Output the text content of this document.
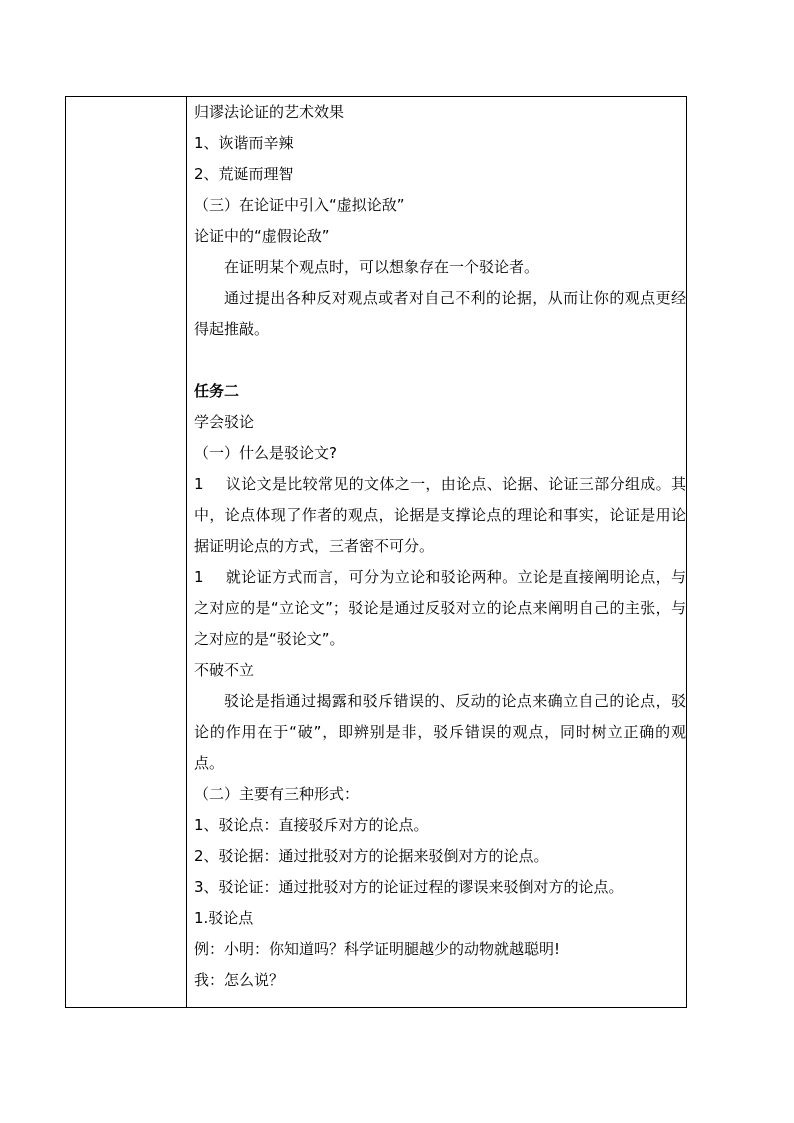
归谬法论证的艺术效果
1、诙谐而辛辣
2、荒诞而理智
（三）在论证中引入“虚拟论敌”
论证中的“虚假论敌”

在证明某个观点时，可以想象存在一个驳论者。

通过提出各种反对观点或者对自己不利的论据，从而让你的观点更经得起推敲。

任务二
学会驳论
（一）什么是驳论文?

1 议论文是比较常见的文体之一，由论点、论据、论证三部分组成。其中，论点体现了作者的观点，论据是支撑论点的理论和事实，论证是用论据证明论点的方式，三者密不可分。

1 就论证方式而言，可分为立论和驳论两种。立论是直接阐明论点，与之对应的是“立论文”；驳论是通过反驳对立的论点来阐明自己的主张，与之对应的是“驳论文”。

不破不立

驳论是指通过揭露和驳斥错误的、反动的论点来确立自己的论点，驳论的作用在于“破”，即辨别是非，驳斥错误的观点，同时树立正确的观点。

（二）主要有三种形式：
1、驳论点：直接驳斥对方的论点。
2、驳论据：通过批驳对方的论据来驳倒对方的论点。
3、驳论证：通过批驳对方的论证过程的谬误来驳倒对方的论点。
1.驳论点
例：小明：你知道吗？科学证明腿越少的动物就越聪明!
我：怎么说？
